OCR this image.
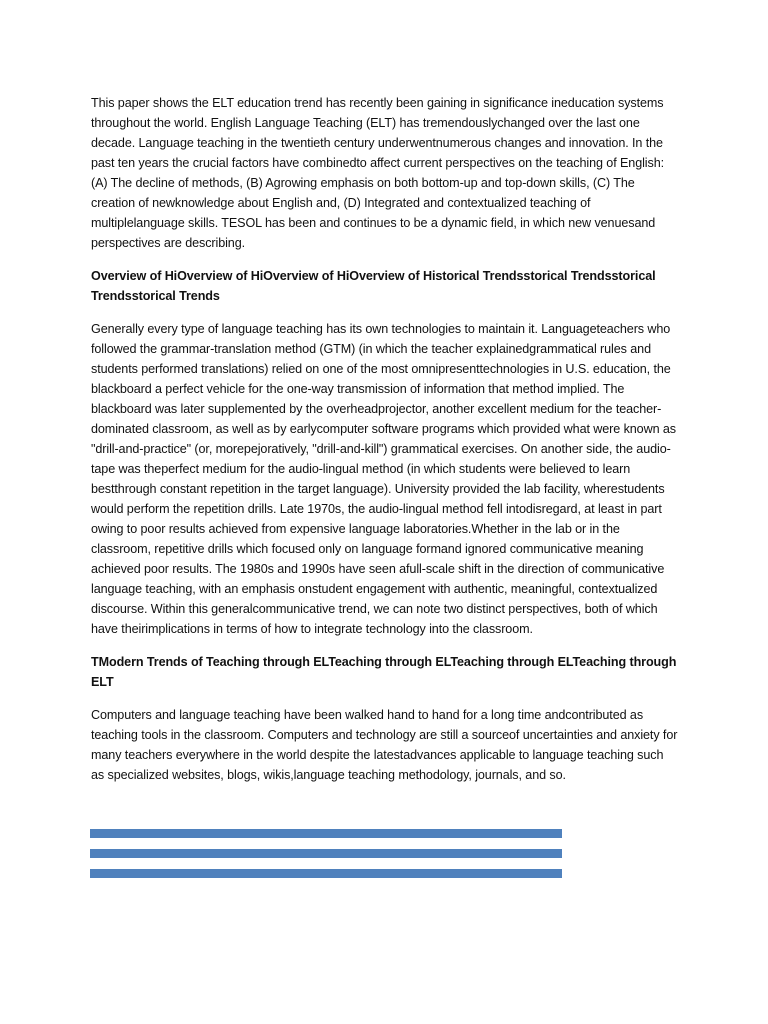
This paper shows the ELT education trend has recently been gaining in significance ineducation systems throughout the world. English Language Teaching (ELT) has tremendouslychanged over the last one decade. Language teaching in the twentieth century underwentnumerous changes and innovation. In the past ten years the crucial factors have combinedto affect current perspectives on the teaching of English: (A) The decline of methods, (B) Agrowing emphasis on both bottom-up and top-down skills, (C) The creation of newknowledge about English and, (D) Integrated and contextualized teaching of multiplelanguage skills. TESOL has been and continues to be a dynamic field, in which new venuesand perspectives are describing.

Overview of HiOverview of HiOverview of HiOverview of Historical Trendsstorical Trendsstorical Trendsstorical Trends

Generally every type of language teaching has its own technologies to maintain it. Languageteachers who followed the grammar-translation method (GTM) (in which the teacher explainedgrammatical rules and students performed translations) relied on one of the most omnipresenttechnologies in U.S. education, the blackboard a perfect vehicle for the one-way transmission of information that method implied. The blackboard was later supplemented by the overheadprojector, another excellent medium for the teacher-dominated classroom, as well as by earlycomputer software programs which provided what were known as "drill-and-practice" (or, morepejoratively, "drill-and-kill") grammatical exercises. On another side, the audio-tape was theperfect medium for the audio-lingual method (in which students were believed to learn bestthrough constant repetition in the target language). University provided the lab facility, wherestudents would perform the repetition drills. Late 1970s, the audio-lingual method fell intodisregard, at least in part owing to poor results achieved from expensive language laboratories.Whether in the lab or in the classroom, repetitive drills which focused only on language formand ignored communicative meaning achieved poor results. The 1980s and 1990s have seen afull-scale shift in the direction of communicative language teaching, with an emphasis onstudent engagement with authentic, meaningful, contextualized discourse. Within this generalcommunicative trend, we can note two distinct perspectives, both of which have theirimplications in terms of how to integrate technology into the classroom.

TModern Trends of Teaching through ELTeaching through ELTeaching through ELTeaching through ELT

Computers and language teaching have been walked hand to hand for a long time andcontributed as teaching tools in the classroom. Computers and technology are still a sourceof uncertainties and anxiety for many teachers everywhere in the world despite the latestadvances applicable to language teaching such as specialized websites, blogs, wikis,language teaching methodology, journals, and so.
